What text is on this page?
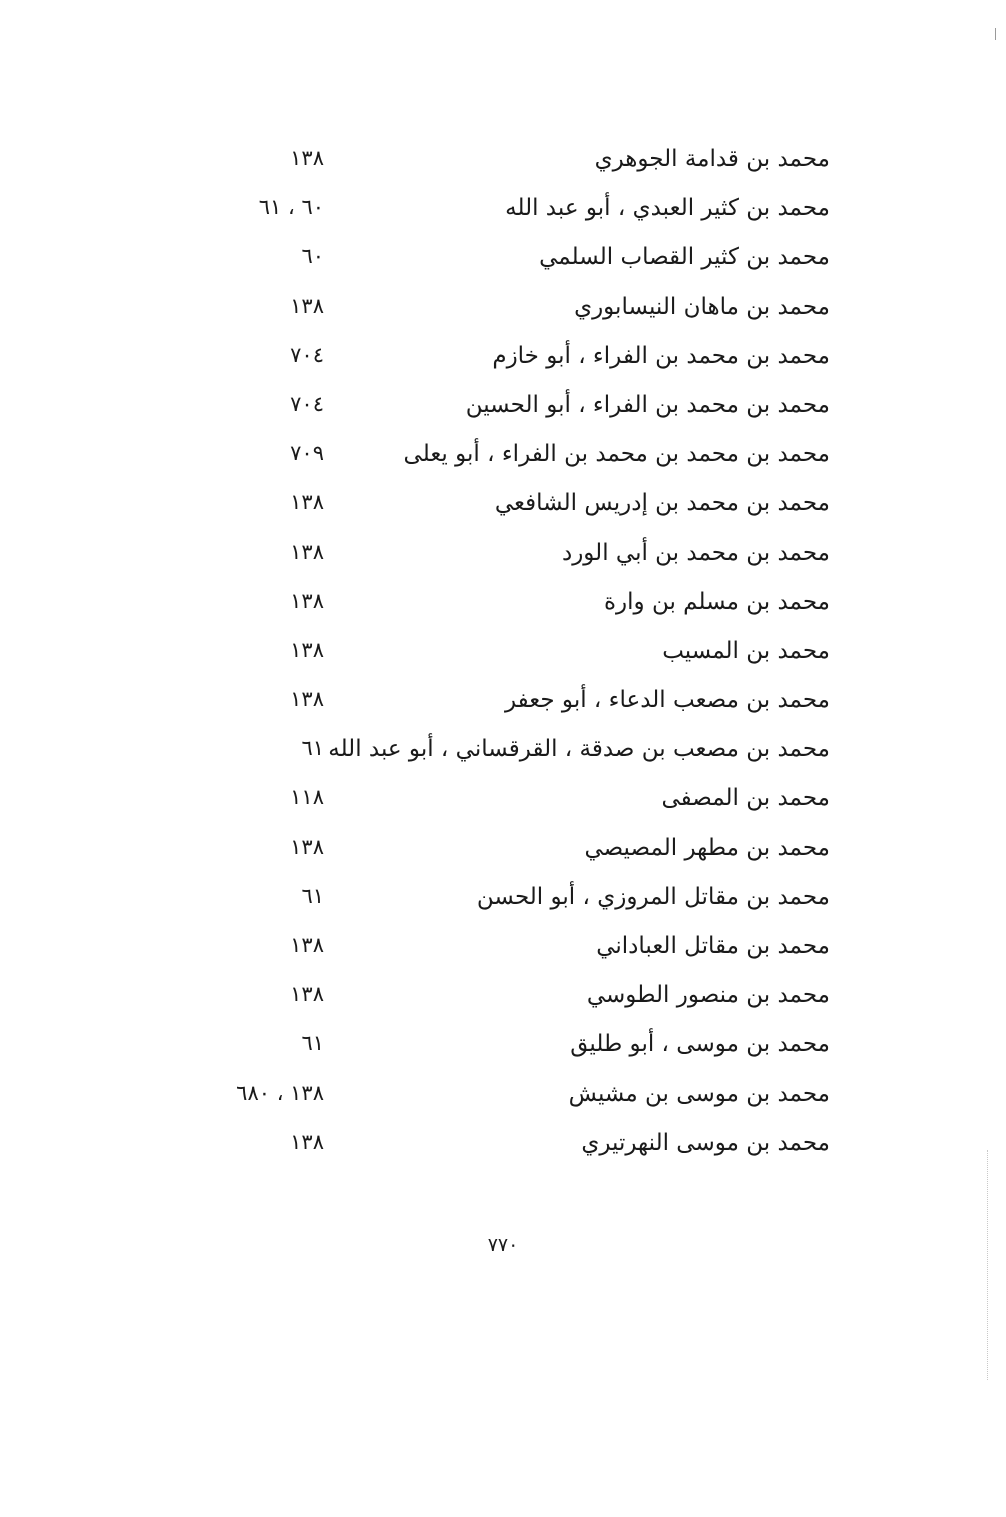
محمد بن قدامة الجوهري
١٣٨
محمد بن كثير العبدي ، أبو عبد الله
٦٠ ، ٦١
محمد بن كثير القصاب السلمي
٦٠
محمد بن ماهان النيسابوري
١٣٨
محمد بن محمد بن الفراء ، أبو خازم
٧٠٤
محمد بن محمد بن الفراء ، أبو الحسين
٧٠٤
محمد بن محمد بن محمد بن الفراء ، أبو يعلى
٧٠٩
محمد بن محمد بن إدريس الشافعي
١٣٨
محمد بن محمد بن أبي الورد
١٣٨
محمد بن مسلم بن وارة
١٣٨
محمد بن المسيب
١٣٨
محمد بن مصعب الدعاء ، أبو جعفر
١٣٨
محمد بن مصعب بن صدقة ، القرقساني ، أبو عبد الله
٦١
محمد بن المصفى
١١٨
محمد بن مطهر المصيصي
١٣٨
محمد بن مقاتل المروزي ، أبو الحسن
٦١
محمد بن مقاتل العباداني
١٣٨
محمد بن منصور الطوسي
١٣٨
محمد بن موسى ، أبو طليق
٦١
محمد بن موسى بن مشيش
١٣٨ ، ٦٨٠
محمد بن موسى النهرتيري
١٣٨
٧٧٠
